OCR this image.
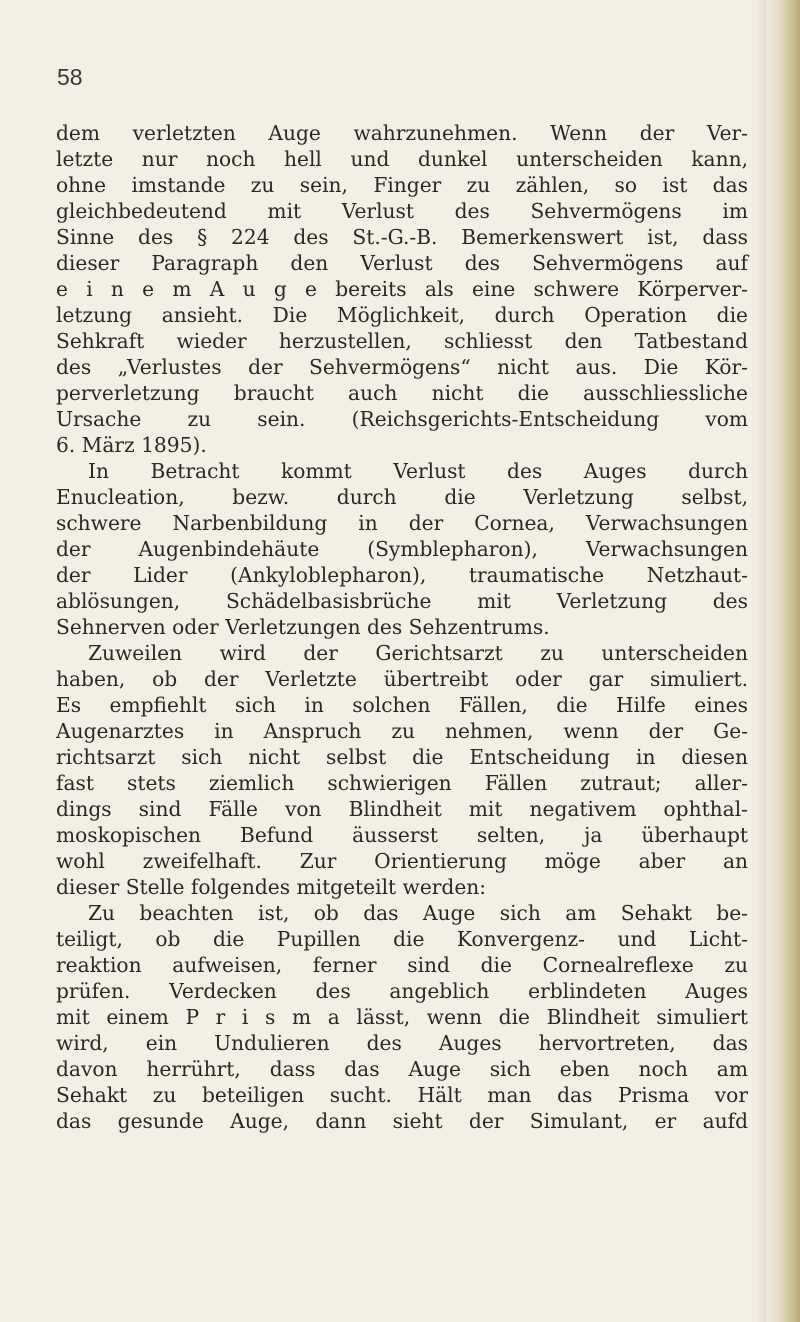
58
dem verletzten Auge wahrzunehmen. Wenn der Ver-
letzte nur noch hell und dunkel unterscheiden kann,
ohne imstande zu sein, Finger zu zählen, so ist das
gleichbedeutend mit Verlust des Sehvermögens im
Sinne des § 224 des St.-G.-B. Bemerkenswert ist, dass
dieser Paragraph den Verlust des Sehvermögens auf
e i n e m A u g e bereits als eine schwere Körperver-
letzung ansieht. Die Möglichkeit, durch Operation die
Sehkraft wieder herzustellen, schliesst den Tatbestand
des „Verlustes der Sehvermögens“ nicht aus. Die Kör-
perverletzung braucht auch nicht die ausschliessliche
Ursache zu sein. (Reichsgerichts-Entscheidung vom
6. März 1895).
In Betracht kommt Verlust des Auges durch
Enucleation, bezw. durch die Verletzung selbst,
schwere Narbenbildung in der Cornea, Verwachsungen
der Augenbindehäute (Symblepharon), Verwachsungen
der Lider (Ankyloblepharon), traumatische Netzhaut-
ablösungen, Schädelbasisbrüche mit Verletzung des
Sehnerven oder Verletzungen des Sehzentrums.
Zuweilen wird der Gerichtsarzt zu unterscheiden
haben, ob der Verletzte übertreibt oder gar simuliert.
Es empfiehlt sich in solchen Fällen, die Hilfe eines
Augenarztes in Anspruch zu nehmen, wenn der Ge-
richtsarzt sich nicht selbst die Entscheidung in diesen
fast stets ziemlich schwierigen Fällen zutraut; aller-
dings sind Fälle von Blindheit mit negativem ophthal-
moskopischen Befund äusserst selten, ja überhaupt
wohl zweifelhaft. Zur Orientierung möge aber an
dieser Stelle folgendes mitgeteilt werden:
Zu beachten ist, ob das Auge sich am Sehakt be-
teiligt, ob die Pupillen die Konvergenz- und Licht-
reaktion aufweisen, ferner sind die Cornealreflexe zu
prüfen. Verdecken des angeblich erblindeten Auges
mit einem P r i s m a lässt, wenn die Blindheit simuliert
wird, ein Undulieren des Auges hervortreten, das
davon herrührt, dass das Auge sich eben noch am
Sehakt zu beteiligen sucht. Hält man das Prisma vor
das gesunde Auge, dann sieht der Simulant, er aufd
